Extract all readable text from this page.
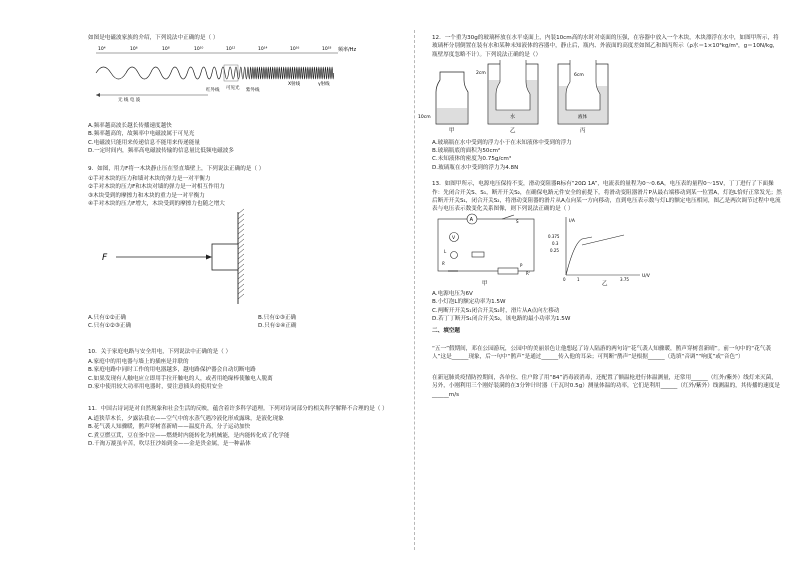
如图是电磁波家族的介绍，下列说法中正确的是（ ）

10⁴	10⁶	10⁸	10¹⁰	10¹²	10¹⁴	10¹⁶	10¹⁸ 频率/Hz
无 线 电 波
红外线 可见光 紫外线
X射线	γ射线

A.频率越高波长越长传播速度越快

B.频率越高的，故频率中电磁波属于可见光

C.电磁波只能用来传递信息不能用来传递能量

D.一定时间内，频率高电磁波传输的信息量比低频电磁波多

9．如图，用力F将一木块静止压在竖直墙壁上，下列说法正确的是（ ）

①手对木块的压力和墙对木块的弹力是一对平衡力

②手对木块的压力F和木块对墙的弹力是一对相互作用力

③木块受到的摩擦力和木块的重力是一对平衡力

④手对木块的压力F增大，木块受到的摩擦力也随之增大

F

A.只有①②正确	B.只有①③正确

C.只有①②③正确	D.只有①④正确

10．关于家庭电路与安全用电，下列说法中正确的是（ ）

A.家庭中的用电器与墙上的插座是并联的

B.家庭电路中同时工作的用电器越多，越电路保护器会自动切断电路

C.如果发现有人触电应立即用手拉开触电的人，或者用绝缘棒使触电人脱离

D.家中使用较大功率用电器时，要注意插头的使用安全

11．中国古诗词是对自然现象和社会生活的反映，蕴含着许多科学道理。下列对诗词部分的相关科学解释不合理的是（ ）

A.道狭草木长，夕露沾我衣——空气中的水蒸气遇冷液化形成露珠，是液化现象

B.花气袭人知骤暖，鹊声穿树喜新晴——温度升高，分子运动加快

C.煮豆燃豆萁，豆在釜中泣——燃烧时内能转化为机械能，是内能转化成了化学能

D.千淘万漉虽辛苦，吹尽狂沙始到金——金是贵金属，是一种晶体

12．一个重为30g的玻璃杯放在水平桌面上，内装10cm高的水时对桌面的压强，在容器中放入一个木块，木块漂浮在水中，如图甲所示，将玻璃杯分别倒置在装有水和某种未知液体的容器中，静止后，瓶内、外液面的高度差如图乙和图丙所示（ρ水＝1×10³kg/m³，g＝10N/kg，瓶壁厚度忽略不计）。下列说法正确的是（）

10cm
甲
2cm
水
乙
6cm
液体
丙

A.玻璃瓶在水中受到的浮力小于在未知液体中受到的浮力

B.玻璃瓶底的面积为50cm²

C.未知液体的密度为0.75g/cm³

D.玻璃瓶在水中受到的浮力为4.8N

13．如图甲所示，电源电压保持不变，滑动变阻器R标有“20Ω 1A”，电流表的量程为0～0.6A，电压表的量程0～15V，丁丁进行了下面操作：先闭合开关S、S₁，断开开关S₂，在确保电路元件安全的前提下，将滑动变阻器滑片P从最右端移动到某一位置A，灯泡L恰好正常发光；然后断开开关S₁，闭合开关S₂，将滑动变阻器的滑片从A点向某一方向移动，直到电压表示数与灯L的额定电压相同，图乙是两次调节过程中电流表与电压表示数变化关系图像，则下列说法正确的是（ ）

A
V
S
L
R	P
R'
甲
I/A
U/V
0.375
0.3
0.25
0	1	3.75
乙

A.电源电压为6V

B.小灯泡L的额定功率为1.5W

C.两断开开关S₁闭合开关S₂时，滑片从A点向左移动

D.若丁丁断开S₁闭合开关S₂，该电路的最小功率为1.5W

二、填空题

“五一”假期间，邓在公园游玩，公园中的美丽景色让他想起了诗人陆游的两句诗“花气袭人知骤暖，鹊声穿树喜新晴”。前一句中的“花气袭人”这是______现象，后一句中“鹊声”是通过______传入他的耳朵；可判断“鹊声”是根据______（选填“音调”“响度”或“音色”）

在新冠肺炎疫情防控期间，各单位、住户除了用“84”消毒液消毒，还配置了额温枪进行体温测量，还常用______（红外/紫外）线灯来灭菌，另外，小刚利用三个刚好装满的在3分钟计时器（千瓦时0.5g）测量体温的功率，它们是利用______（红外/紫外）线测温的，其传播的速度是______m/s
